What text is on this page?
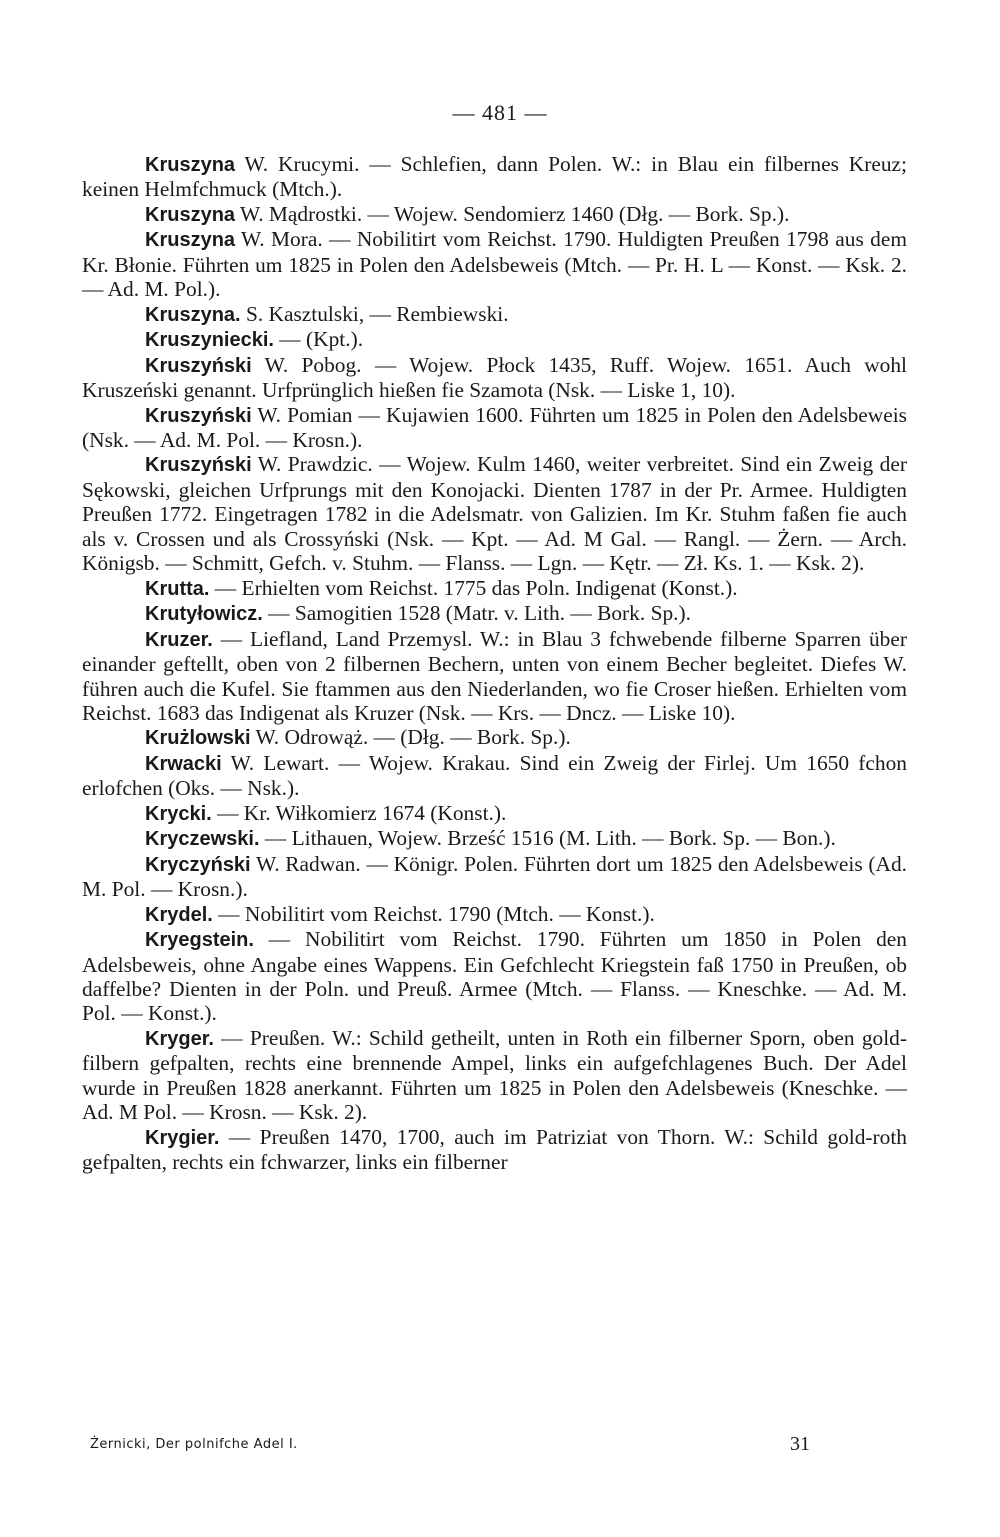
— 481 —

Kruszyna W. Krucymi. — Schlefien, dann Polen. W.: in Blau ein filbernes Kreuz; keinen Helmfchmuck (Mtch.).

Kruszyna W. Mądrostki. — Wojew. Sendomierz 1460 (Dłg. — Bork. Sp.).

Kruszyna W. Mora. — Nobilitirt vom Reichst. 1790. Huldigten Preußen 1798 aus dem Kr. Błonie. Führten um 1825 in Polen den Adelsbeweis (Mtch. — Pr. H. L — Konst. — Ksk. 2. — Ad. M. Pol.).

Kruszyna. S. Kasztulski, — Rembiewski.

Kruszyniecki. — (Kpt.).

Kruszyński W. Pobog. — Wojew. Płock 1435, Ruff. Wojew. 1651. Auch wohl Kruszeński genannt. Urfprünglich hießen fie Szamota (Nsk. — Liske 1, 10).

Kruszyński W. Pomian — Kujawien 1600. Führten um 1825 in Polen den Adelsbeweis (Nsk. — Ad. M. Pol. — Krosn.).

Kruszyński W. Prawdzic. — Wojew. Kulm 1460, weiter verbreitet. Sind ein Zweig der Sękowski, gleichen Urfprungs mit den Konojacki. Dienten 1787 in der Pr. Armee. Huldigten Preußen 1772. Eingetragen 1782 in die Adelsmatr. von Galizien. Im Kr. Stuhm faßen fie auch als v. Crossen und als Crossyński (Nsk. — Kpt. — Ad. M Gal. — Rangl. — Żern. — Arch. Königsb. — Schmitt, Gefch. v. Stuhm. — Flanss. — Lgn. — Kętr. — Zł. Ks. 1. — Ksk. 2).

Krutta. — Erhielten vom Reichst. 1775 das Poln. Indigenat (Konst.).

Krutyłowicz. — Samogitien 1528 (Matr. v. Lith. — Bork. Sp.).

Kruzer. — Liefland, Land Przemysl. W.: in Blau 3 fchwebende filberne Sparren über einander geftellt, oben von 2 filbernen Bechern, unten von einem Becher begleitet. Diefes W. führen auch die Kufel. Sie ftammen aus den Niederlanden, wo fie Croser hießen. Erhielten vom Reichst. 1683 das Indigenat als Kruzer (Nsk. — Krs. — Dncz. — Liske 10).

Krużlowski W. Odrowąż. — (Dłg. — Bork. Sp.).

Krwacki W. Lewart. — Wojew. Krakau. Sind ein Zweig der Firlej. Um 1650 fchon erlofchen (Oks. — Nsk.).

Krycki. — Kr. Wiłkomierz 1674 (Konst.).

Kryczewski. — Lithauen, Wojew. Brześć 1516 (M. Lith. — Bork. Sp. — Bon.).

Kryczyński W. Radwan. — Königr. Polen. Führten dort um 1825 den Adelsbeweis (Ad. M. Pol. — Krosn.).

Krydel. — Nobilitirt vom Reichst. 1790 (Mtch. — Konst.).

Kryegstein. — Nobilitirt vom Reichst. 1790. Führten um 1850 in Polen den Adelsbeweis, ohne Angabe eines Wappens. Ein Gefchlecht Kriegstein faß 1750 in Preußen, ob daffelbe? Dienten in der Poln. und Preuß. Armee (Mtch. — Flanss. — Kneschke. — Ad. M. Pol. — Konst.).

Kryger. — Preußen. W.: Schild getheilt, unten in Roth ein filberner Sporn, oben gold-filbern gefpalten, rechts eine brennende Ampel, links ein aufgefchlagenes Buch. Der Adel wurde in Preußen 1828 anerkannt. Führten um 1825 in Polen den Adelsbeweis (Kneschke. — Ad. M Pol. — Krosn. — Ksk. 2).

Krygier. — Preußen 1470, 1700, auch im Patriziat von Thorn. W.: Schild gold-roth gefpalten, rechts ein fchwarzer, links ein filberner

Żernicki, Der polnifche Adel I.	31
